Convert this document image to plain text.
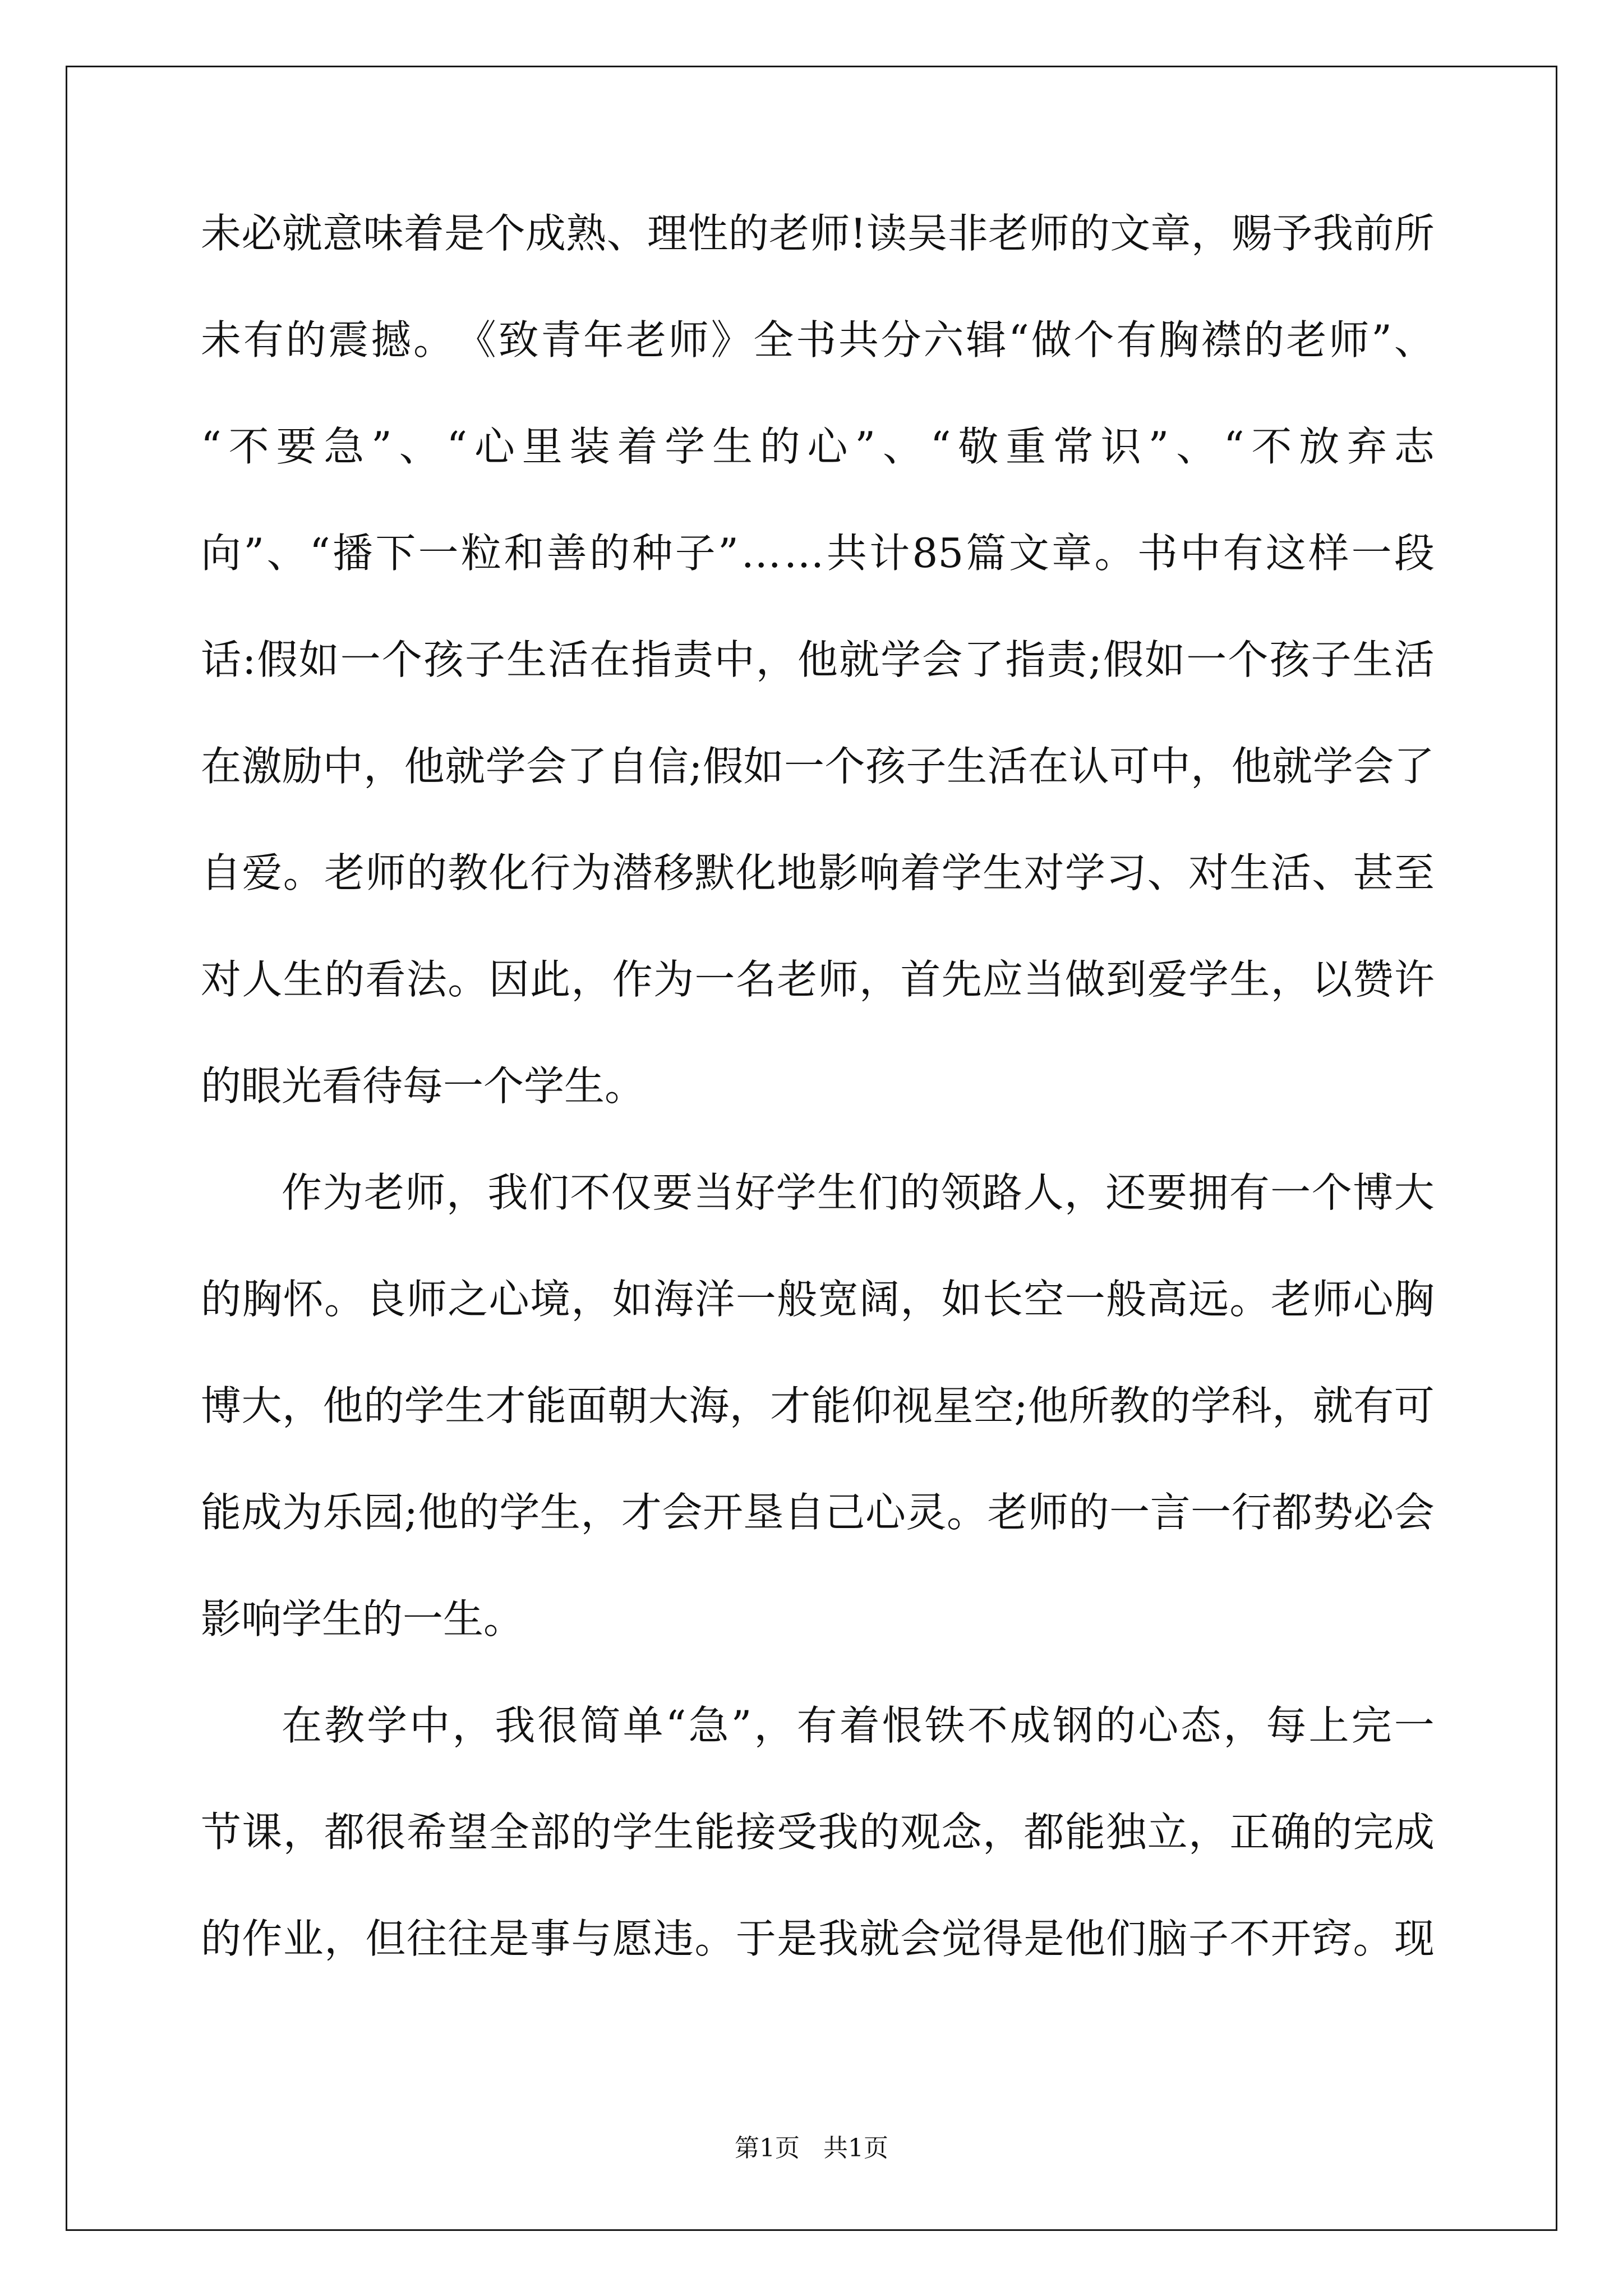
未 必 就 意 味 着 是 个 成 熟 、 理 性 的 老 师 ! 读 吴 非 老 师 的 文 章 ， 赐 予 我 前 所
未 有 的 震 撼 。 《 致 青 年 老 师 》 全 书 共 分 六 辑 “ 做 个 有 胸 襟 的 老 师 ” 、
“ 不 要 急 ” 、 “ 心 里 装 着 学 生 的 心 ” 、 “ 敬 重 常 识 ” 、 “ 不 放 弃 志
向 ” 、 “ 播 下 一 粒 和 善 的 种 子 ” … … 共 计 85 篇 文 章 。 书 中 有 这 样 一 段
话 : 假 如 一 个 孩 子 生 活 在 指 责 中 ， 他 就 学 会 了 指 责 ; 假 如 一 个 孩 子 生 活
在 激 励 中 ， 他 就 学 会 了 自 信 ; 假 如 一 个 孩 子 生 活 在 认 可 中 ， 他 就 学 会 了
自 爱 。 老 师 的 教 化 行 为 潜 移 默 化 地 影 响 着 学 生 对 学 习 、 对 生 活 、 甚 至
对 人 生 的 看 法 。 因 此 ， 作 为 一 名 老 师 ， 首 先 应 当 做 到 爱 学 生 ， 以 赞 许
的眼光看待每一个学生。
作 为 老 师 ， 我 们 不 仅 要 当 好 学 生 们 的 领 路 人 ， 还 要 拥 有 一 个 博 大
的 胸 怀 。 良 师 之 心 境 ， 如 海 洋 一 般 宽 阔 ， 如 长 空 一 般 高 远 。 老 师 心 胸
博 大 ， 他 的 学 生 才 能 面 朝 大 海 ， 才 能 仰 视 星 空 ; 他 所 教 的 学 科 ， 就 有 可
能 成 为 乐 园 ; 他 的 学 生 ， 才 会 开 垦 自 己 心 灵 。 老 师 的 一 言 一 行 都 势 必 会
影响学生的一生。
在 教 学 中 ， 我 很 简 单 “ 急 ” ， 有 着 恨 铁 不 成 钢 的 心 态 ， 每 上 完 一
节 课 ， 都 很 希 望 全 部 的 学 生 能 接 受 我 的 观 念 ， 都 能 独 立 ， 正 确 的 完 成
的 作 业 ， 但 往 往 是 事 与 愿 违 。 于 是 我 就 会 觉 得 是 他 们 脑 子 不 开 窍 。 现
第1页   共1页
